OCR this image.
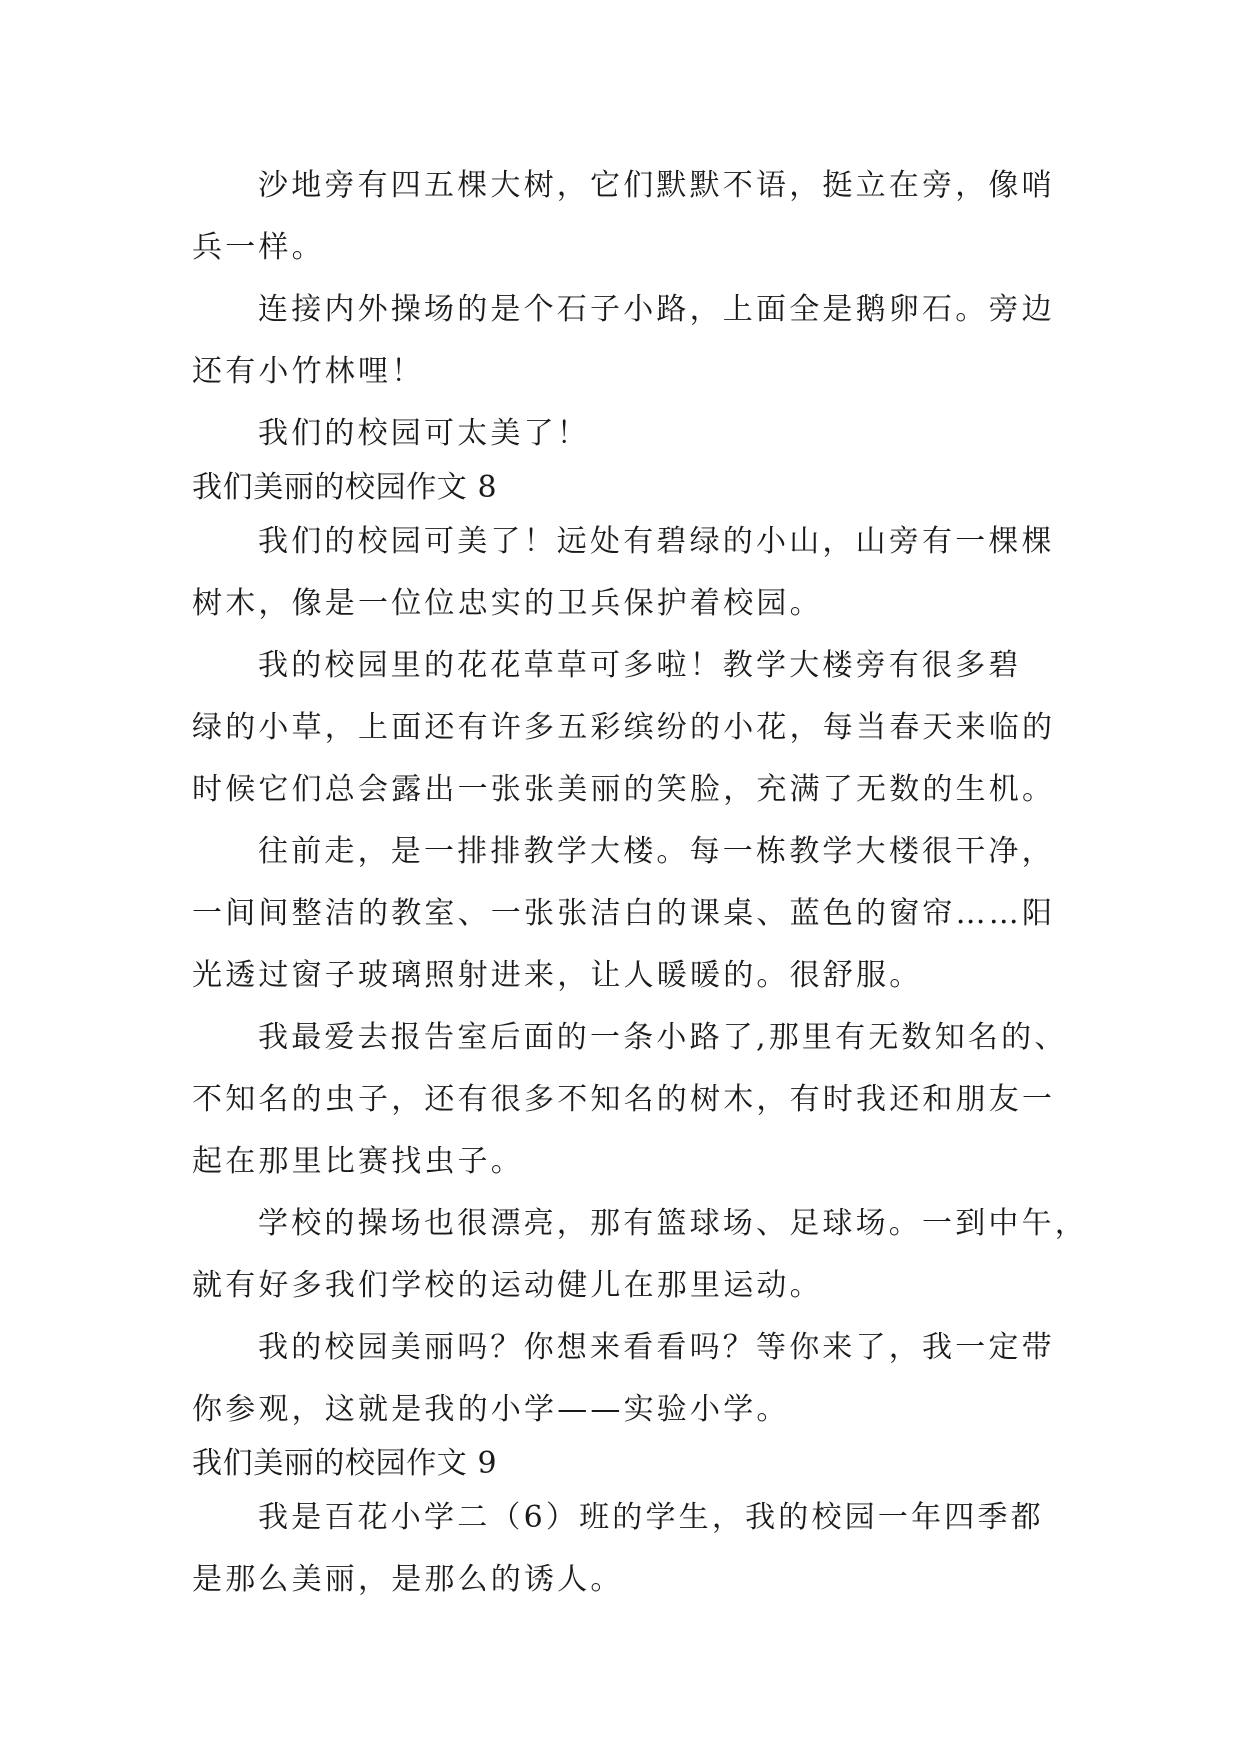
沙地旁有四五棵大树，它们默默不语，挺立在旁，像哨
兵一样。
连接内外操场的是个石子小路，上面全是鹅卵石。旁边
还有小竹林哩！
我们的校园可太美了！
我们美丽的校园作文 8
我们的校园可美了！远处有碧绿的小山，山旁有一棵棵
树木，像是一位位忠实的卫兵保护着校园。
我的校园里的花花草草可多啦！教学大楼旁有很多碧
绿的小草，上面还有许多五彩缤纷的小花，每当春天来临的
时候它们总会露出一张张美丽的笑脸，充满了无数的生机。
往前走，是一排排教学大楼。每一栋教学大楼很干净，
一间间整洁的教室、一张张洁白的课桌、蓝色的窗帘……阳
光透过窗子玻璃照射进来，让人暖暖的。很舒服。
我最爱去报告室后面的一条小路了,那里有无数知名的、
不知名的虫子，还有很多不知名的树木，有时我还和朋友一
起在那里比赛找虫子。
学校的操场也很漂亮，那有篮球场、足球场。一到中午，
就有好多我们学校的运动健儿在那里运动。
我的校园美丽吗？你想来看看吗？等你来了，我一定带
你参观，这就是我的小学——实验小学。
我们美丽的校园作文 9
我是百花小学二（6）班的学生，我的校园一年四季都
是那么美丽，是那么的诱人。
